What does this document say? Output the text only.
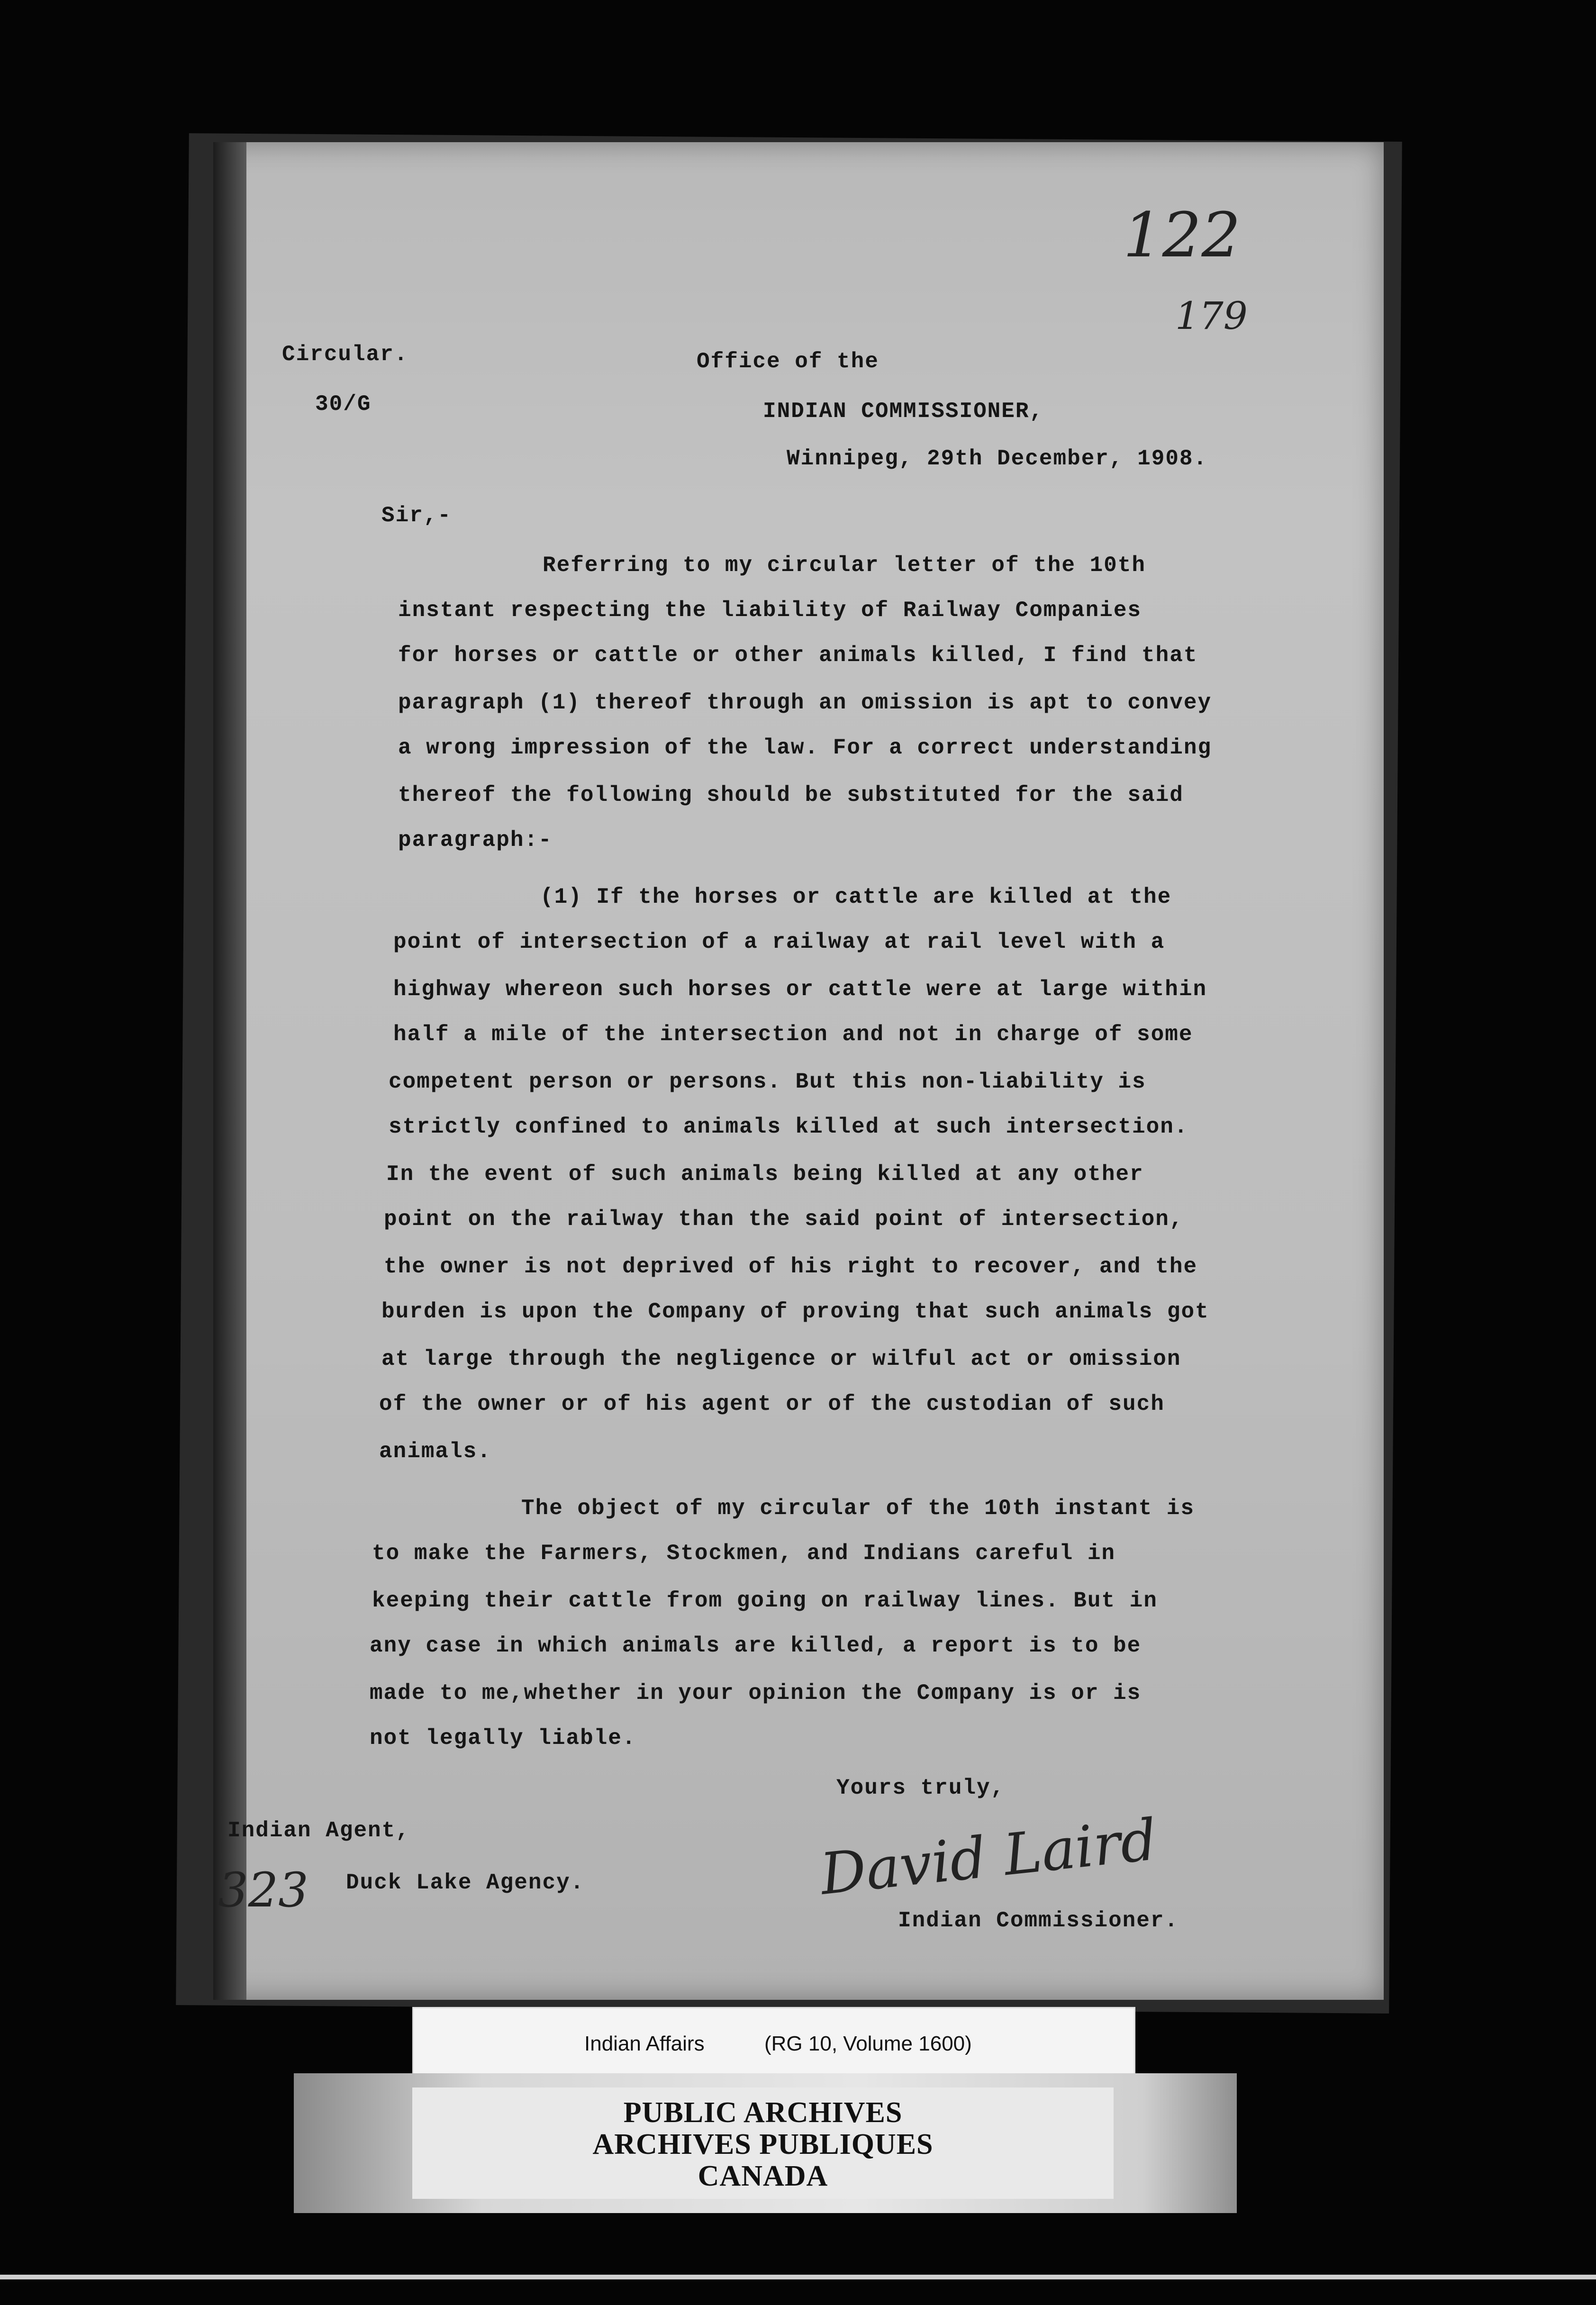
122
179
Circular.
30/G
Office of the
INDIAN COMMISSIONER,
Winnipeg, 29th December, 1908.
Sir,-
Referring to my circular letter of the 10th
instant respecting the liability of Railway Companies
for horses or cattle or other animals killed, I find that
paragraph (1) thereof through an omission is apt to convey
a wrong impression of the law. For a correct understanding
thereof the following should be substituted for the said
paragraph:-
(1) If the horses or cattle are killed at the
point of intersection of a railway at rail level with a
highway whereon such horses or cattle were at large within
half a mile of the intersection and not in charge of some
competent person or persons. But this non-liability is
strictly confined to animals killed at such intersection.
In the event of such animals being killed at any other
point on the railway than the said point of intersection,
the owner is not deprived of his right to recover, and the
burden is upon the Company of proving that such animals got
at large through the negligence or wilful act or omission
of the owner or of his agent or of the custodian of such
animals.
The object of my circular of the 10th instant is
to make the Farmers, Stockmen, and Indians careful in
keeping their cattle from going on railway lines. But in
any case in which animals are killed, a report is to be
made to me,whether in your opinion the Company is or is
not legally liable.
Yours truly,
David Laird
Indian Agent,
323 Duck Lake Agency.
Indian Commissioner.
Indian Affairs	(RG 10, Volume 1600)
PUBLIC ARCHIVES
ARCHIVES PUBLIQUES
CANADA
